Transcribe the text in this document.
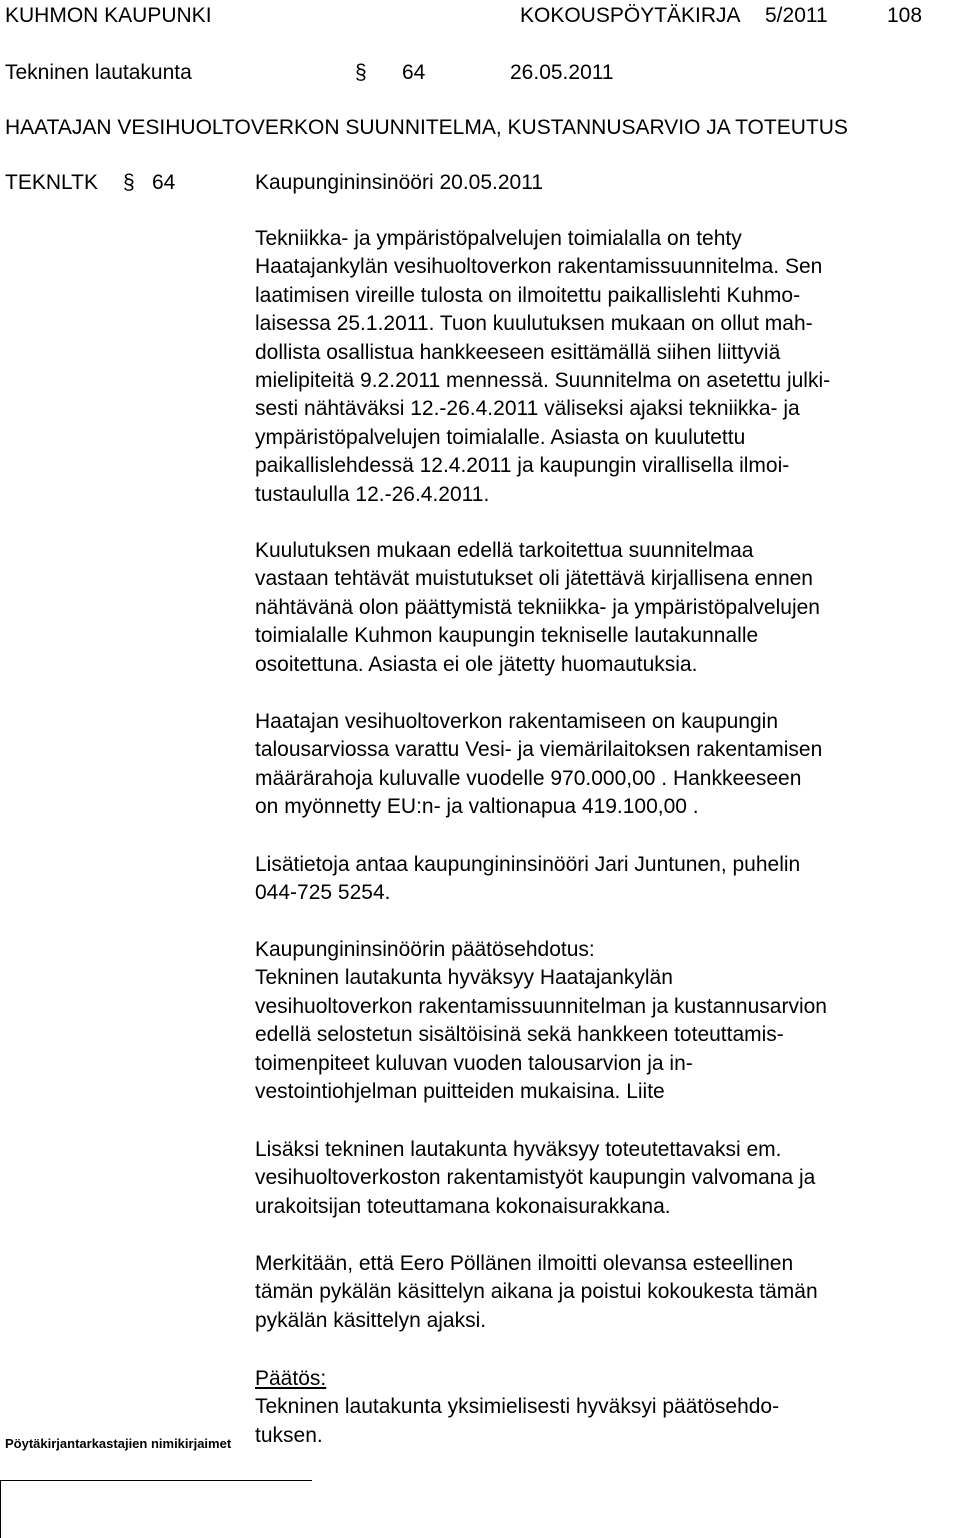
KUHMON KAUPUNKI	KOKOUSPÖYTÄKIRJA 5/2011	108
Tekninen lautakunta	§ 64	26.05.2011
HAATAJAN VESIHUOLTOVERKON SUUNNITELMA, KUSTANNUSARVIO JA TOTEUTUS
TEKNLTK § 64	Kaupungininsinööri 20.05.2011
Tekniikka- ja ympäristöpalvelujen toimialalla on tehty
Haatajankylän vesihuoltoverkon rakentamissuunnitelma. Sen
laatimisen vireille tulosta on ilmoitettu paikallislehti Kuhmo-
laisessa 25.1.2011. Tuon kuulutuksen mukaan on ollut mah-
dollista osallistua hankkeeseen esittämällä siihen liittyviä
mielipiteitä 9.2.2011 mennessä. Suunnitelma on asetettu julki-
sesti nähtäväksi 12.-26.4.2011 väliseksi ajaksi tekniikka- ja
ympäristöpalvelujen toimialalle. Asiasta on kuulutettu
paikallislehdessä 12.4.2011 ja kaupungin virallisella ilmoi-
tustaululla 12.-26.4.2011.
Kuulutuksen mukaan edellä tarkoitettua suunnitelmaa
vastaan tehtävät muistutukset oli jätettävä kirjallisena ennen
nähtävänä olon päättymistä tekniikka- ja ympäristöpalvelujen
toimialalle Kuhmon kaupungin tekniselle lautakunnalle
osoitettuna. Asiasta ei ole jätetty huomautuksia.
Haatajan vesihuoltoverkon rakentamiseen on kaupungin
talousarviossa varattu Vesi- ja viemärilaitoksen rakentamisen
määrärahoja kuluvalle vuodelle 970.000,00 . Hankkeeseen
on myönnetty EU:n- ja valtionapua 419.100,00 .
Lisätietoja antaa kaupungininsinööri Jari Juntunen, puhelin
044-725 5254.
Kaupungininsinöörin päätösehdotus:
Tekninen lautakunta hyväksyy Haatajankylän
vesihuoltoverkon rakentamissuunnitelman ja kustannusarvion
edellä selostetun sisältöisinä sekä hankkeen toteuttamis-
toimenpiteet kuluvan vuoden talousarvion ja in-
vestointiohjelman puitteiden mukaisina. Liite
Lisäksi tekninen lautakunta hyväksyy toteutettavaksi em.
vesihuoltoverkoston rakentamistyöt kaupungin valvomana ja
urakoitsijan toteuttamana kokonaisurakkana.
Merkitään, että Eero Pöllänen ilmoitti olevansa esteellinen
tämän pykälän käsittelyn aikana ja poistui kokoukesta tämän
pykälän käsittelyn ajaksi.
Päätös:
Tekninen lautakunta yksimielisesti hyväksyi päätösehdo-
tuksen.
Pöytäkirjantarkastajien nimikirjaimet
